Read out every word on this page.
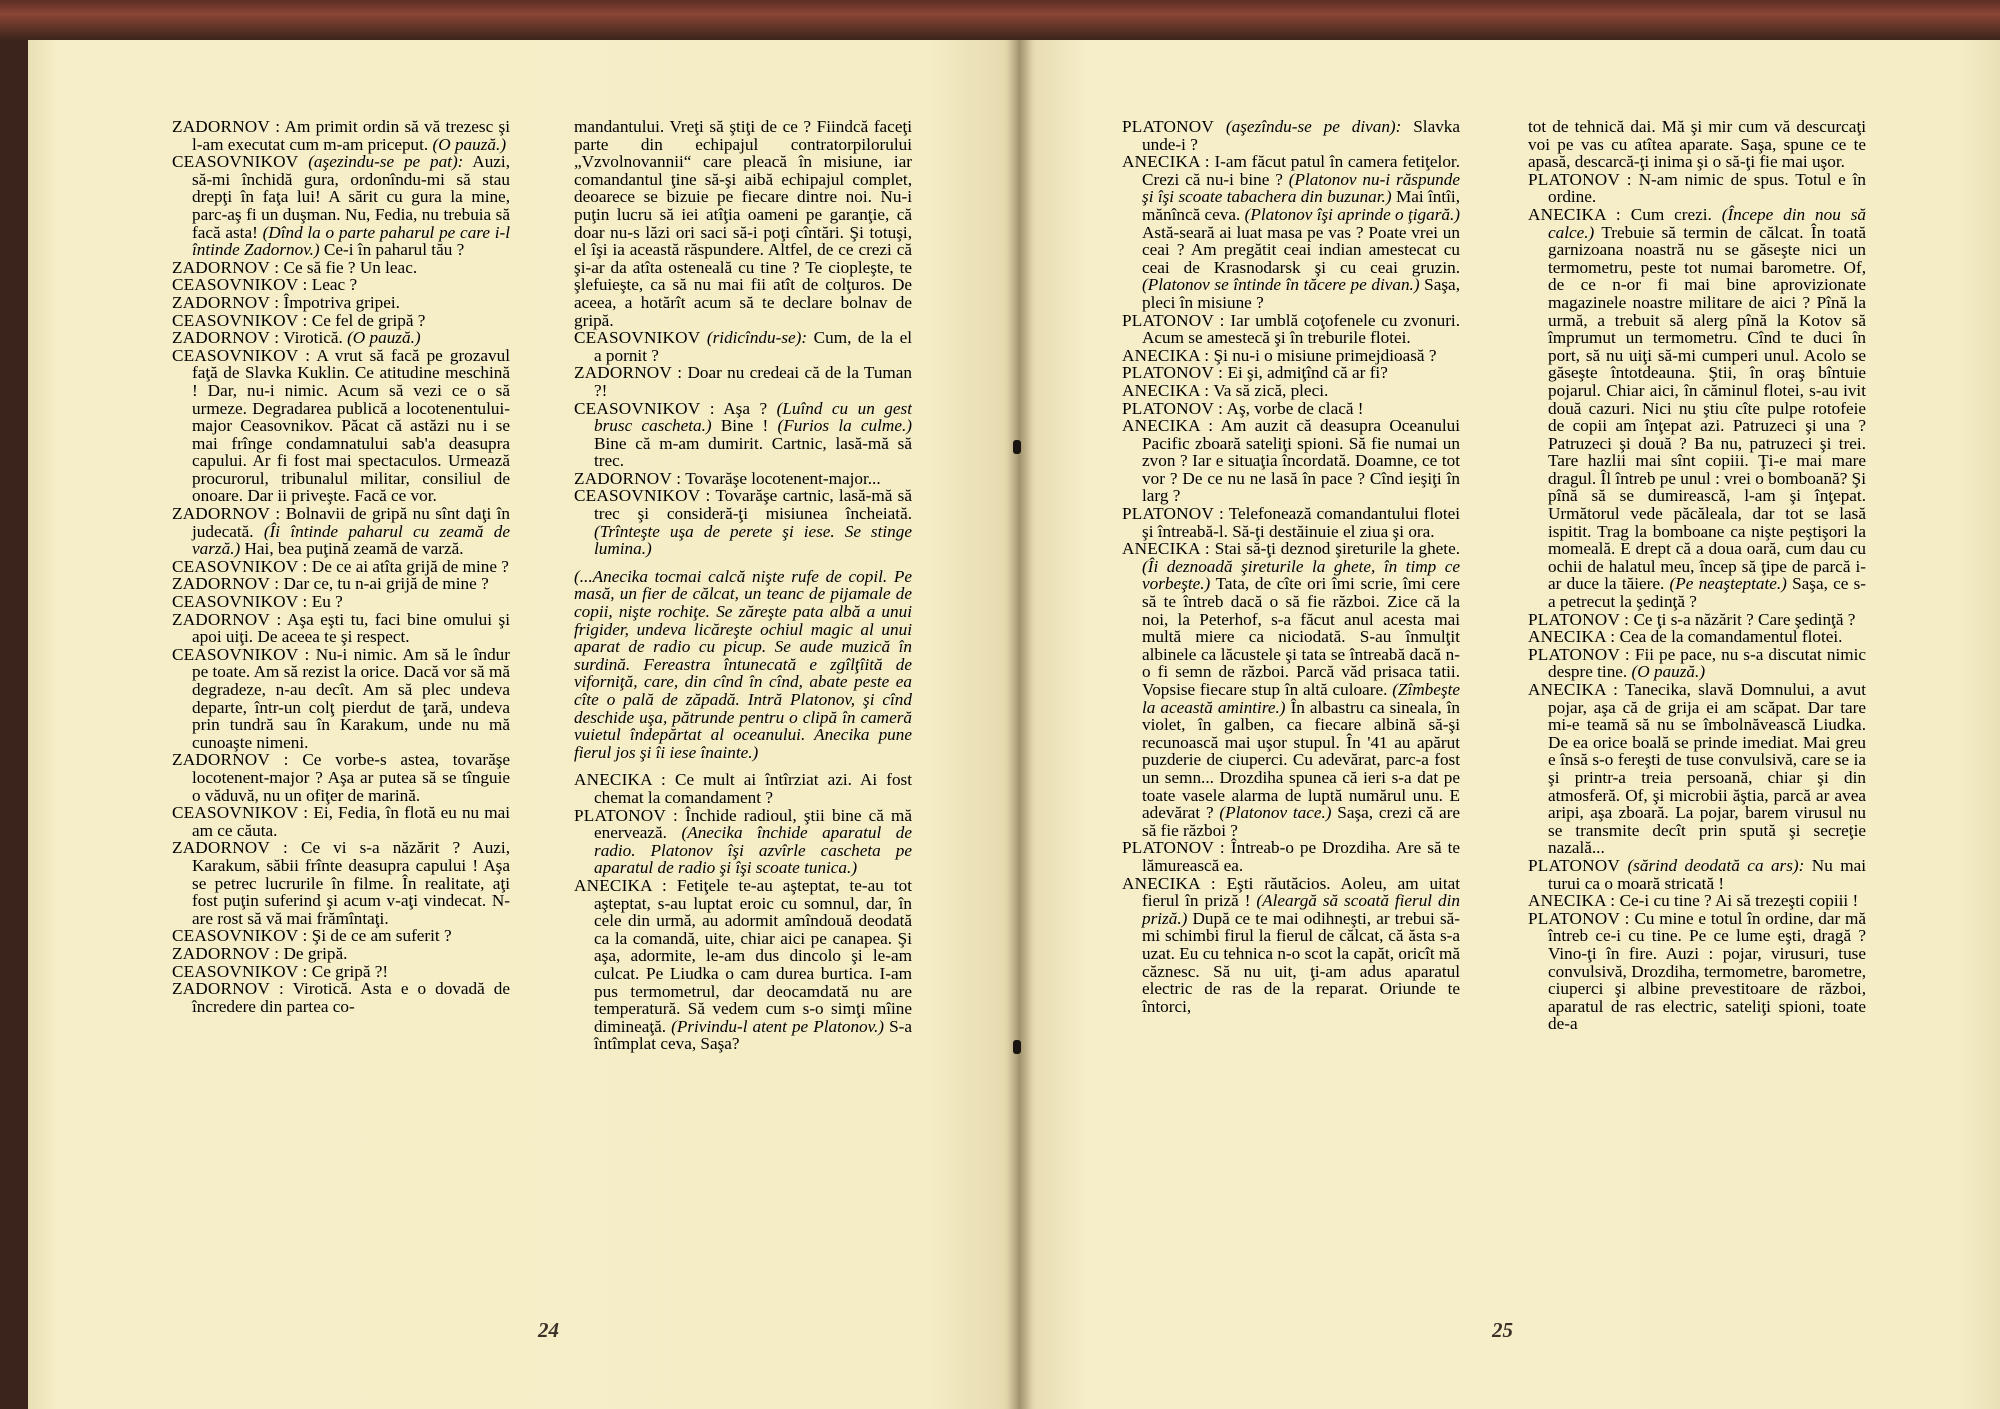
ZADORNOV : Am primit ordin să vă trezesc şi l-am executat cum m-am priceput. (O pauză.)

CEASOVNIKOV (aşezindu-se pe pat): Auzi, să-mi închidă gura, ordonîndu-mi să stau drepţi în faţa lui! A sărit cu gura la mine, parc-aş fi un duşman. Nu, Fedia, nu trebuia să facă asta! (Dînd la o parte paharul pe care i-l întinde Zadornov.) Ce-i în paharul tău ?

ZADORNOV : Ce să fie ? Un leac.

CEASOVNIKOV : Leac ?

ZADORNOV : Împotriva gripei.

CEASOVNIKOV : Ce fel de gripă ?

ZADORNOV : Virotică. (O pauză.)

CEASOVNIKOV : A vrut să facă pe grozavul faţă de Slavka Kuklin. Ce atitudine meschină ! Dar, nu-i nimic. Acum să vezi ce o să urmeze. Degradarea publică a locotenentului-major Ceasovnikov. Păcat că astăzi nu i se mai frînge condamnatului sab'a deasupra capului. Ar fi fost mai spectaculos. Urmează procurorul, tribunalul militar, consiliul de onoare. Dar ii priveşte. Facă ce vor.

ZADORNOV : Bolnavii de gripă nu sînt daţi în judecată. (Îi întinde paharul cu zeamă de varză.) Hai, bea puţină zeamă de varză.

CEASOVNIKOV : De ce ai atîta grijă de mine ?

ZADORNOV : Dar ce, tu n-ai grijă de mine ?

CEASOVNIKOV : Eu ?

ZADORNOV : Aşa eşti tu, faci bine omului şi apoi uiţi. De aceea te şi respect.

CEASOVNIKOV : Nu-i nimic. Am să le îndur pe toate. Am să rezist la orice. Dacă vor să mă degradeze, n-au decît. Am să plec undeva departe, într-un colţ pierdut de ţară, undeva prin tundră sau în Karakum, unde nu mă cunoaşte nimeni.

ZADORNOV : Ce vorbe-s astea, tovarăşe locotenent-major ? Aşa ar putea să se tînguie o văduvă, nu un ofiţer de marină.

CEASOVNIKOV : Ei, Fedia, în flotă eu nu mai am ce căuta.

ZADORNOV : Ce vi s-a năzărit ? Auzi, Karakum, săbii frînte deasupra capului ! Aşa se petrec lucrurile în filme. În realitate, aţi fost puţin suferind şi acum v-aţi vindecat. N-are rost să vă mai frămîntaţi.

CEASOVNIKOV : Şi de ce am suferit ?

ZADORNOV : De gripă.

CEASOVNIKOV : Ce gripă ?!

ZADORNOV : Virotică. Asta e o dovadă de încredere din partea co-

mandantului. Vreţi să ştiţi de ce ? Fiindcă faceţi parte din echipajul contratorpilorului „Vzvolnovannii“ care pleacă în misiune, iar comandantul ţine să-şi aibă echipajul complet, deoarece se bizuie pe fiecare dintre noi. Nu-i puţin lucru să iei atîţia oameni pe garanţie, că doar nu-s lăzi ori saci să-i poţi cîntări. Şi totuşi, el îşi ia această răspundere. Altfel, de ce crezi că şi-ar da atîta osteneală cu tine ? Te ciopleşte, te şlefuieşte, ca să nu mai fii atît de colţuros. De aceea, a hotărît acum să te declare bolnav de gripă.

CEASOVNIKOV (ridicîndu-se): Cum, de la el a pornit ?

ZADORNOV : Doar nu credeai că de la Tuman ?!

CEASOVNIKOV : Aşa ? (Luînd cu un gest brusc cascheta.) Bine ! (Furios la culme.) Bine că m-am dumirit. Cartnic, lasă-mă să trec.

ZADORNOV : Tovarăşe locotenent-major...

CEASOVNIKOV : Tovarăşe cartnic, lasă-mă să trec şi consideră-ţi misiunea încheiată. (Trînteşte uşa de perete şi iese. Se stinge lumina.)

(...Anecika tocmai calcă nişte rufe de copil. Pe masă, un fier de călcat, un teanc de pijamale de copii, nişte rochiţe. Se zăreşte pata albă a unui frigider, undeva licăreşte ochiul magic al unui aparat de radio cu picup. Se aude muzică în surdină. Fereastra întunecată e zgîlţîită de viforniţă, care, din cînd în cînd, abate peste ea cîte o pală de zăpadă. Intră Platonov, şi cînd deschide uşa, pătrunde pentru o clipă în cameră vuietul îndepărtat al oceanului. Anecika pune fierul jos şi îi iese înainte.)

ANECIKA : Ce mult ai întîrziat azi. Ai fost chemat la comandament ?

PLATONOV : Închide radioul, ştii bine că mă enervează. (Anecika închide aparatul de radio. Platonov îşi azvîrle cascheta pe aparatul de radio şi îşi scoate tunica.)

ANECIKA : Fetiţele te-au aşteptat, te-au tot aşteptat, s-au luptat eroic cu somnul, dar, în cele din urmă, au adormit amîndouă deodată ca la comandă, uite, chiar aici pe canapea. Şi aşa, adormite, le-am dus dincolo şi le-am culcat. Pe Liudka o cam durea burtica. I-am pus termometrul, dar deocamdată nu are temperatură. Să vedem cum s-o simţi mîine dimineaţă. (Privindu-l atent pe Platonov.) S-a întîmplat ceva, Saşa?

PLATONOV (aşezîndu-se pe divan): Slavka unde-i ?

ANECIKA : I-am făcut patul în camera fetiţelor. Crezi că nu-i bine ? (Platonov nu-i răspunde şi îşi scoate tabachera din buzunar.) Mai întîi, mănîncă ceva. (Platonov îşi aprinde o ţigară.) Astă-seară ai luat masa pe vas ? Poate vrei un ceai ? Am pregătit ceai indian amestecat cu ceai de Krasnodarsk şi cu ceai gruzin. (Platonov se întinde în tăcere pe divan.) Saşa, pleci în misiune ?

PLATONOV : Iar umblă coţofenele cu zvonuri. Acum se amestecă şi în treburile flotei.

ANECIKA : Şi nu-i o misiune primejdioasă ?

PLATONOV : Ei şi, admiţînd că ar fi?

ANECIKA : Va să zică, pleci.

PLATONOV : Aş, vorbe de clacă !

ANECIKA : Am auzit că deasupra Oceanului Pacific zboară sateliţi spioni. Să fie numai un zvon ? Iar e situaţia încordată. Doamne, ce tot vor ? De ce nu ne lasă în pace ? Cînd ieşiţi în larg ?

PLATONOV : Telefonează comandantului flotei şi întreabă-l. Să-ţi destăinuie el ziua şi ora.

ANECIKA : Stai să-ţi deznod şireturile la ghete. (Îi deznoadă şireturile la ghete, în timp ce vorbeşte.) Tata, de cîte ori îmi scrie, îmi cere să te întreb dacă o să fie război. Zice că la noi, la Peterhof, s-a făcut anul acesta mai multă miere ca niciodată. S-au înmulţit albinele ca lăcustele şi tata se întreabă dacă n-o fi semn de război. Parcă văd prisaca tatii. Vopsise fiecare stup în altă culoare. (Zîmbeşte la această amintire.) În albastru ca sineala, în violet, în galben, ca fiecare albină să-şi recunoască mai uşor stupul. În '41 au apărut puzderie de ciuperci. Cu adevărat, parc-a fost un semn... Drozdiha spunea că ieri s-a dat pe toate vasele alarma de luptă numărul unu. E adevărat ? (Platonov tace.) Saşa, crezi că are să fie război ?

PLATONOV : Întreab-o pe Drozdiha. Are să te lămurească ea.

ANECIKA : Eşti răutăcios. Aoleu, am uitat fierul în priză ! (Aleargă să scoată fierul din priză.) După ce te mai odihneşti, ar trebui să-mi schimbi firul la fierul de călcat, că ăsta s-a uzat. Eu cu tehnica n-o scot la capăt, oricît mă căznesc. Să nu uit, ţi-am adus aparatul electric de ras de la reparat. Oriunde te întorci,

tot de tehnică dai. Mă şi mir cum vă descurcaţi voi pe vas cu atîtea aparate. Saşa, spune ce te apasă, descarcă-ţi inima şi o să-ţi fie mai uşor.

PLATONOV : N-am nimic de spus. Totul e în ordine.

ANECIKA : Cum crezi. (Începe din nou să calce.) Trebuie să termin de călcat. În toată garnizoana noastră nu se găseşte nici un termometru, peste tot numai barometre. Of, de ce n-or fi mai bine aprovizionate magazinele noastre militare de aici ? Pînă la urmă, a trebuit să alerg pînă la Kotov să împrumut un termometru. Cînd te duci în port, să nu uiţi să-mi cumperi unul. Acolo se găseşte întotdeauna. Ştii, în oraş bîntuie pojarul. Chiar aici, în căminul flotei, s-au ivit două cazuri. Nici nu ştiu cîte pulpe rotofeie de copii am înţepat azi. Patruzeci şi una ? Patruzeci şi două ? Ba nu, patruzeci şi trei. Tare hazlii mai sînt copiii. Ţi-e mai mare dragul. Îl întreb pe unul : vrei o bomboană? Şi pînă să se dumirească, l-am şi înţepat. Următorul vede păcăleala, dar tot se lasă ispitit. Trag la bomboane ca nişte peştişori la momeală. E drept că a doua oară, cum dau cu ochii de halatul meu, încep să ţipe de parcă i-ar duce la tăiere. (Pe neaşteptate.) Saşa, ce s-a petrecut la şedinţă ?

PLATONOV : Ce ţi s-a năzărit ? Care şedinţă ?

ANECIKA : Cea de la comandamentul flotei.

PLATONOV : Fii pe pace, nu s-a discutat nimic despre tine. (O pauză.)

ANECIKA : Tanecika, slavă Domnului, a avut pojar, aşa că de grija ei am scăpat. Dar tare mi-e teamă să nu se îmbolnăvească Liudka. De ea orice boală se prinde imediat. Mai greu e însă s-o fereşti de tuse convulsivă, care se ia şi printr-a treia persoană, chiar şi din atmosferă. Of, şi microbii ăştia, parcă ar avea aripi, aşa zboară. La pojar, barem virusul nu se transmite decît prin spută şi secreţie nazală...

PLATONOV (sărind deodată ca ars): Nu mai turui ca o moară stricată !

ANECIKA : Ce-i cu tine ? Ai să trezeşti copiii !

PLATONOV : Cu mine e totul în ordine, dar mă întreb ce-i cu tine. Pe ce lume eşti, dragă ? Vino-ţi în fire. Auzi : pojar, virusuri, tuse convulsivă, Drozdiha, termometre, barometre, ciuperci şi albine prevestitoare de război, aparatul de ras electric, sateliţi spioni, toate de-a

24	25
